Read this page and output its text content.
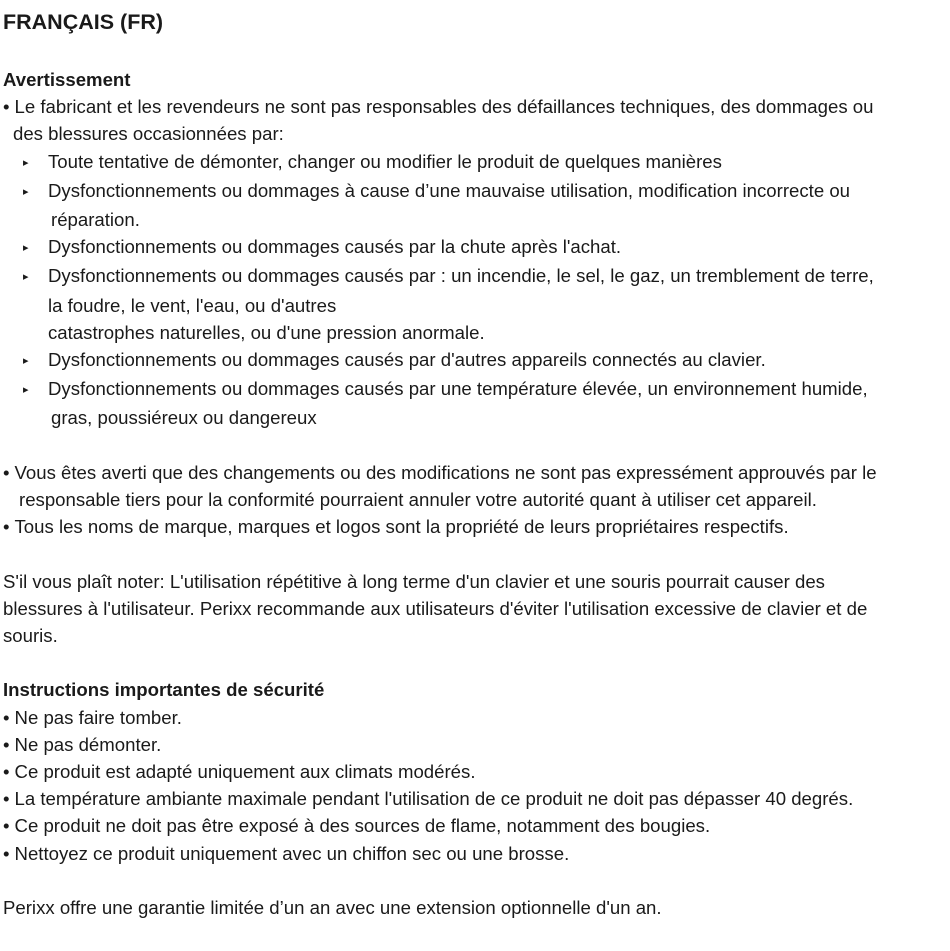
FRANÇAIS (FR)
Avertissement
• Le fabricant et les revendeurs ne sont pas responsables des défaillances techniques, des dommages ou
des blessures occasionnées par:
▸ Toute tentative de démonter, changer ou modifier le produit de quelques manières
▸ Dysfonctionnements ou dommages à cause d’une mauvaise utilisation, modification incorrecte ou
réparation.
▸ Dysfonctionnements ou dommages causés par la chute après l'achat.
▸ Dysfonctionnements ou dommages causés par : un incendie, le sel, le gaz, un tremblement de terre,
la foudre, le vent, l'eau, ou d'autres
catastrophes naturelles, ou d'une pression anormale.
▸ Dysfonctionnements ou dommages causés par d'autres appareils connectés au clavier.
▸ Dysfonctionnements ou dommages causés par une température élevée, un environnement humide,
gras, poussiéreux ou dangereux
• Vous êtes averti que des changements ou des modifications ne sont pas expressément approuvés par le
responsable tiers pour la conformité pourraient annuler votre autorité quant à utiliser cet appareil.
• Tous les noms de marque, marques et logos sont la propriété de leurs propriétaires respectifs.
S'il vous plaît noter: L'utilisation répétitive à long terme d'un clavier et une souris pourrait causer des
blessures à l'utilisateur. Perixx recommande aux utilisateurs d'éviter l'utilisation excessive de clavier et de
souris.
Instructions importantes de sécurité
• Ne pas faire tomber.
• Ne pas démonter.
• Ce produit est adapté uniquement aux climats modérés.
• La température ambiante maximale pendant l'utilisation de ce produit ne doit pas dépasser 40 degrés.
• Ce produit ne doit pas être exposé à des sources de flame, notamment des bougies.
• Nettoyez ce produit uniquement avec un chiffon sec ou une brosse.
Perixx offre une garantie limitée d’un an avec une extension optionnelle d'un an.
